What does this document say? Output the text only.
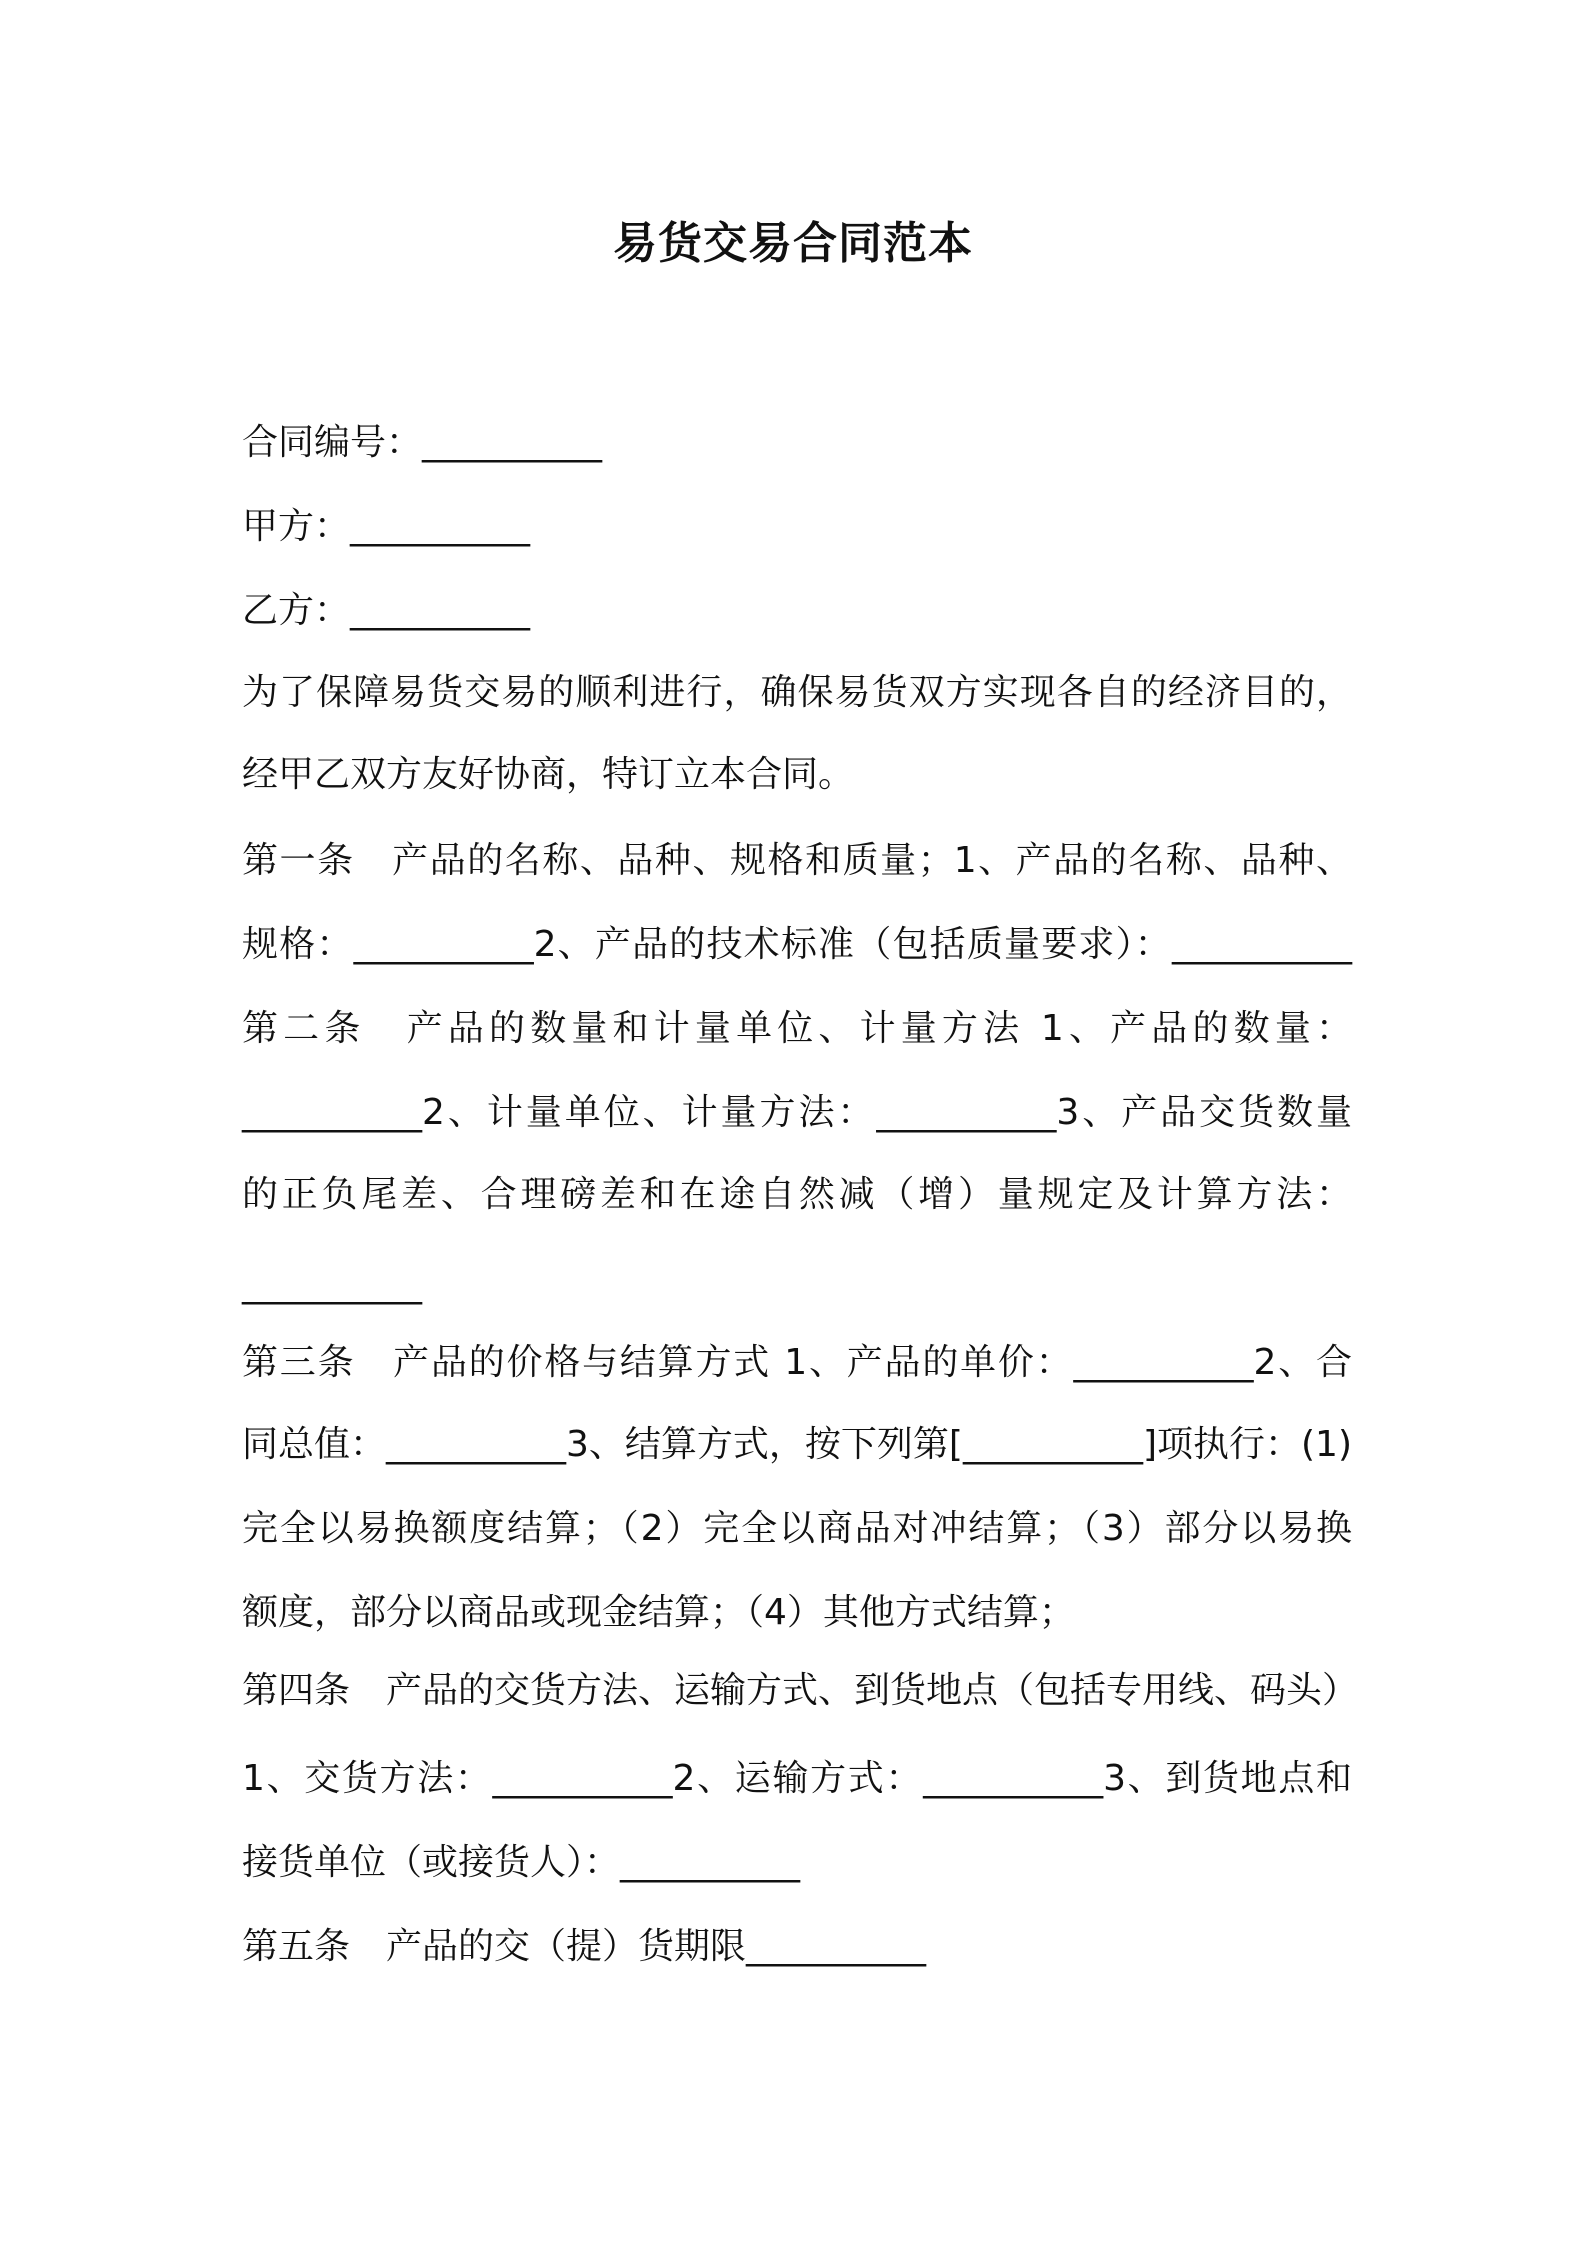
易货交易合同范本
合同编号：__________
甲方：__________
乙方：__________
为了保障易货交易的顺利进行，确保易货双方实现各自的经济目的，
经甲乙双方友好协商，特订立本合同。
第一条　产品的名称、品种、规格和质量；1、产品的名称、品种、
规格：__________2、产品的技术标准（包括质量要求）：__________
第二条　产品的数量和计量单位、计量方法 1、产品的数量：
__________2、计量单位、计量方法：__________3、产品交货数量
的正负尾差、合理磅差和在途自然减（增）量规定及计算方法：
__________
第三条　产品的价格与结算方式 1、产品的单价：__________2、合
同总值：__________3、结算方式，按下列第[__________]项执行：(1)
完全以易换额度结算；（2）完全以商品对冲结算；（3）部分以易换
额度，部分以商品或现金结算；（4）其他方式结算；
第四条　产品的交货方法、运输方式、到货地点（包括专用线、码头）
1、交货方法：__________2、运输方式：__________3、到货地点和
接货单位（或接货人）：__________
第五条　产品的交（提）货期限__________
